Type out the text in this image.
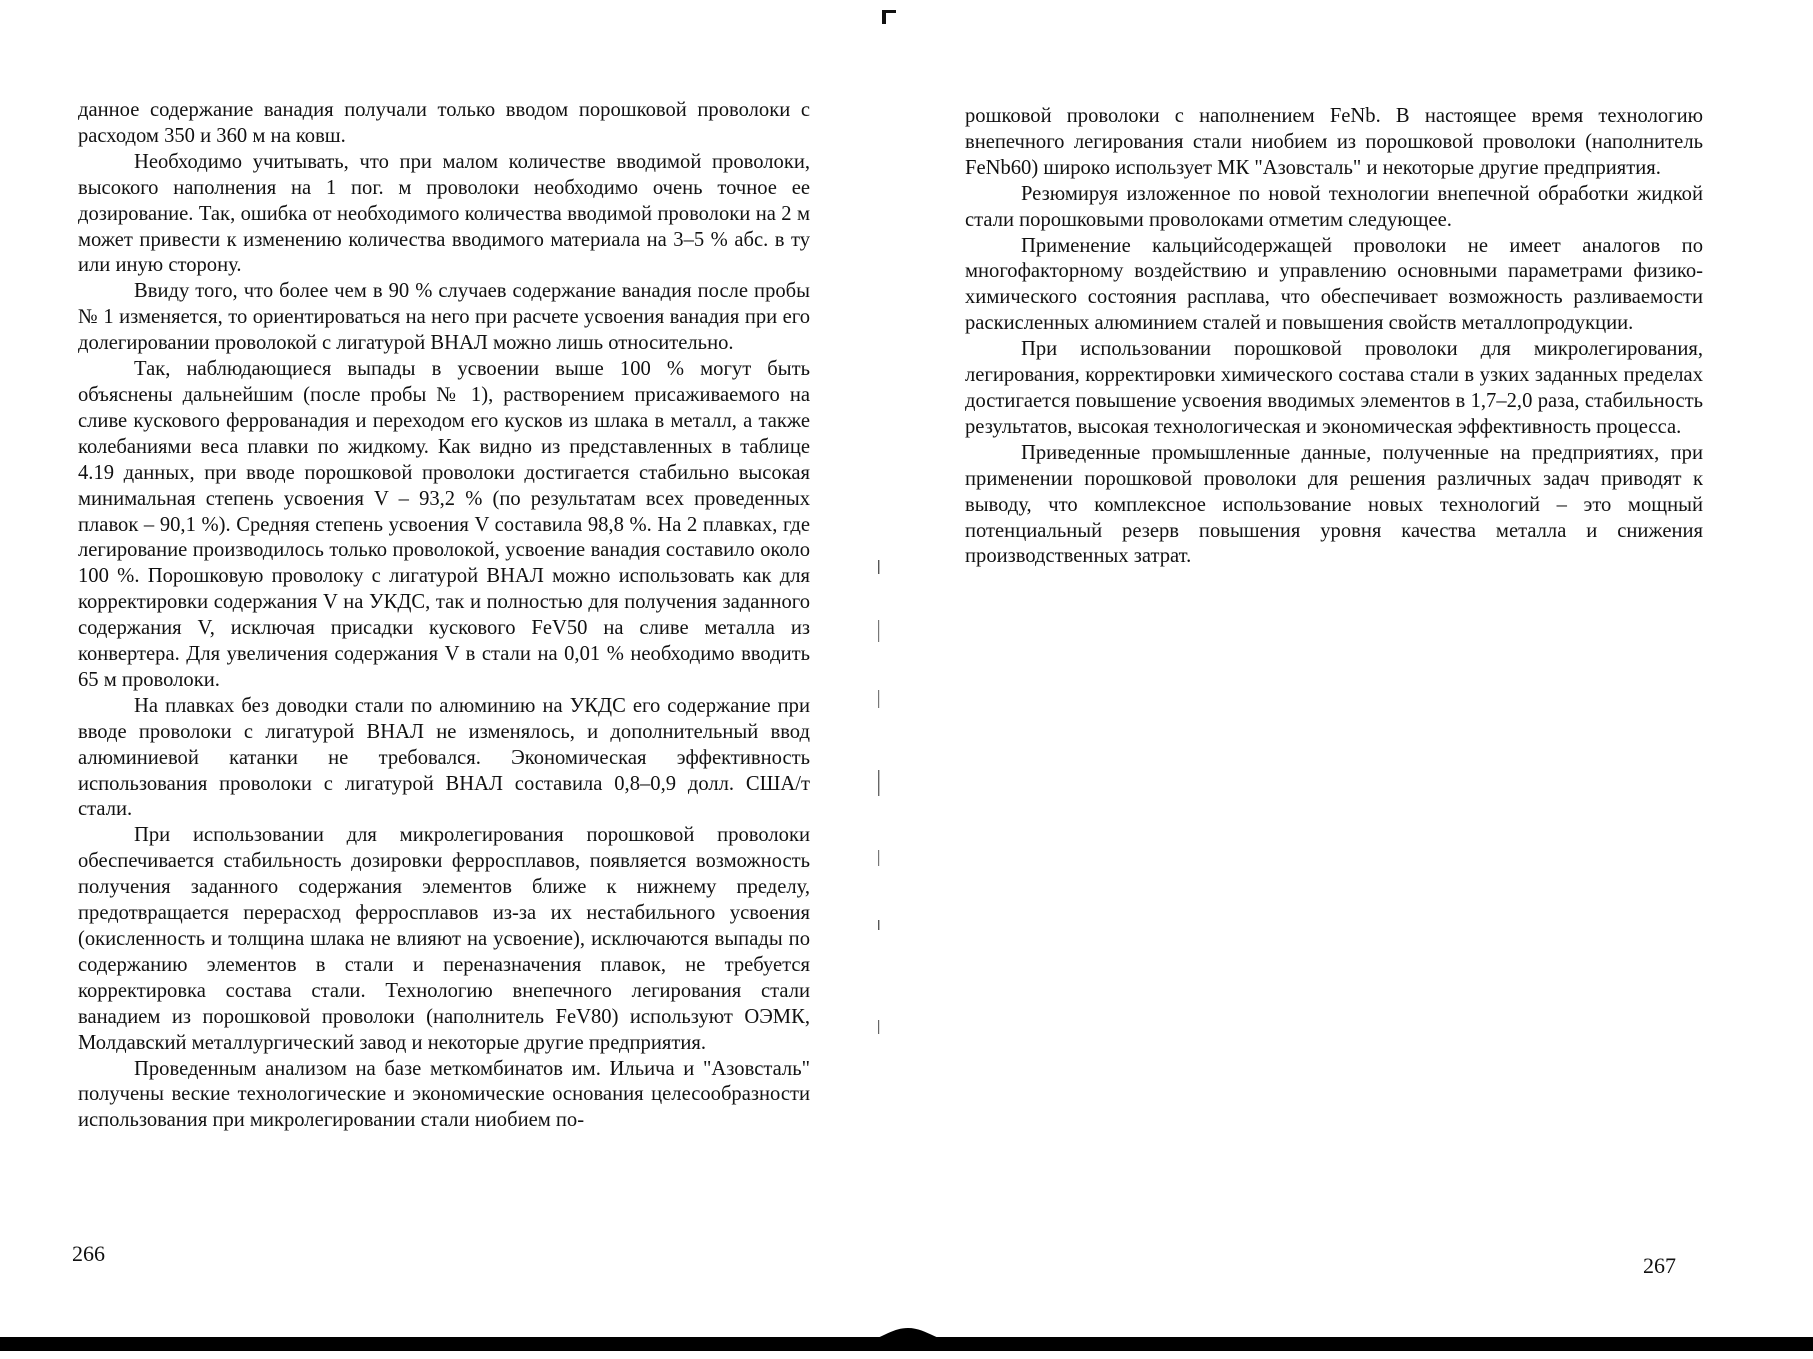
данное содержание ванадия получали только вводом порошковой проволоки с расходом 350 и 360 м на ковш.

Необходимо учитывать, что при малом количестве вводимой проволоки, высокого наполнения на 1 пог. м проволоки необходимо очень точное ее дозирование. Так, ошибка от необходимого количества вводимой проволоки на 2 м может привести к изменению количества вводимого материала на 3–5 % абс. в ту или иную сторону.

Ввиду того, что более чем в 90 % случаев содержание ванадия после пробы № 1 изменяется, то ориентироваться на него при расчете усвоения ванадия при его долегировании проволокой с лигатурой ВНАЛ можно лишь относительно.

Так, наблюдающиеся выпады в усвоении выше 100 % могут быть объяснены дальнейшим (после пробы № 1), растворением присаживаемого на сливе кускового феррованадия и переходом его кусков из шлака в металл, а также колебаниями веса плавки по жидкому. Как видно из представленных в таблице 4.19 данных, при вводе порошковой проволоки достигается стабильно высокая минимальная степень усвоения V – 93,2 % (по результатам всех проведенных плавок – 90,1 %). Средняя степень усвоения V составила 98,8 %. На 2 плавках, где легирование производилось только проволокой, усвоение ванадия составило около 100 %. Порошковую проволоку с лигатурой ВНАЛ можно использовать как для корректировки содержания V на УКДС, так и полностью для получения заданного содержания V, исключая присадки кускового FeV50 на сливе металла из конвертера. Для увеличения содержания V в стали на 0,01 % необходимо вводить 65 м проволоки.

На плавках без доводки стали по алюминию на УКДС его содержание при вводе проволоки с лигатурой ВНАЛ не изменялось, и дополнительный ввод алюминиевой катанки не требовался. Экономическая эффективность использования проволоки с лигатурой ВНАЛ составила 0,8–0,9 долл. США/т стали.

При использовании для микролегирования порошковой проволоки обеспечивается стабильность дозировки ферросплавов, появляется возможность получения заданного содержания элементов ближе к нижнему пределу, предотвращается перерасход ферросплавов из-за их нестабильного усвоения (окисленность и толщина шлака не влияют на усвоение), исключаются выпады по содержанию элементов в стали и переназначения плавок, не требуется корректировка состава стали. Технологию внепечного легирования стали ванадием из порошковой проволоки (наполнитель FeV80) используют ОЭМК, Молдавский металлургический завод и некоторые другие предприятия.

Проведенным анализом на базе меткомбинатов им. Ильича и "Азовсталь" получены веские технологические и экономические основания целесообразности использования при микролегировании стали ниобием по-

266

рошковой проволоки с наполнением FeNb. В настоящее время технологию внепечного легирования стали ниобием из порошковой проволоки (наполнитель FeNb60) широко использует МК "Азовсталь" и некоторые другие предприятия.

Резюмируя изложенное по новой технологии внепечной обработки жидкой стали порошковыми проволоками отметим следующее.

Применение кальцийсодержащей проволоки не имеет аналогов по многофакторному воздействию и управлению основными параметрами физико-химического состояния расплава, что обеспечивает возможность разливаемости раскисленных алюминием сталей и повышения свойств металлопродукции.

При использовании порошковой проволоки для микролегирования, легирования, корректировки химического состава стали в узких заданных пределах достигается повышение усвоения вводимых элементов в 1,7–2,0 раза, стабильность результатов, высокая технологическая и экономическая эффективность процесса.

Приведенные промышленные данные, полученные на предприятиях, при применении порошковой проволоки для решения различных задач приводят к выводу, что комплексное использование новых технологий – это мощный потенциальный резерв повышения уровня качества металла и снижения производственных затрат.

267
